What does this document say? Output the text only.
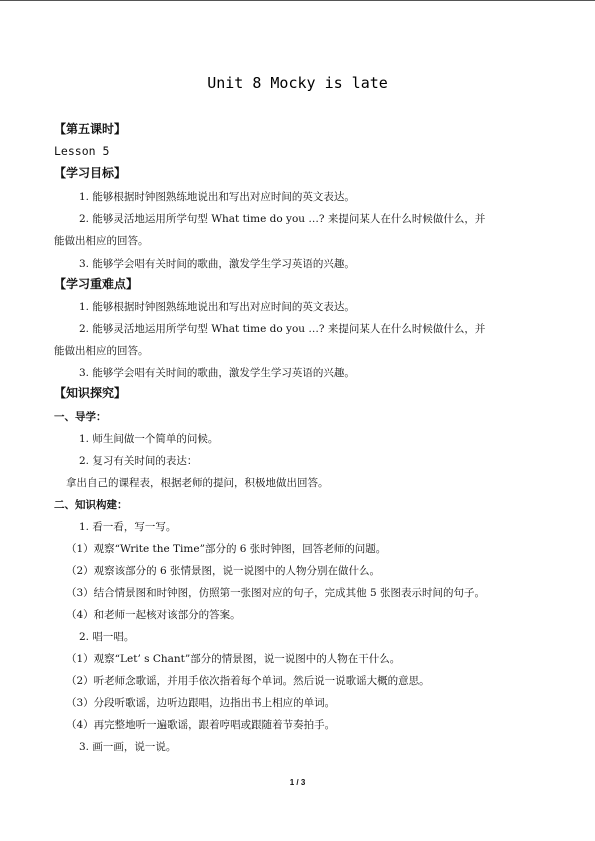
Unit 8 Mocky is late
【第五课时】
Lesson 5
【学习目标】
1. 能够根据时钟图熟练地说出和写出对应时间的英文表达。
2. 能够灵活地运用所学句型 What time do you …? 来提问某人在什么时候做什么，并
能做出相应的回答。
3. 能够学会唱有关时间的歌曲，激发学生学习英语的兴趣。
【学习重难点】
1. 能够根据时钟图熟练地说出和写出对应时间的英文表达。
2. 能够灵活地运用所学句型 What time do you …? 来提问某人在什么时候做什么，并
能做出相应的回答。
3. 能够学会唱有关时间的歌曲，激发学生学习英语的兴趣。
【知识探究】
一、导学：
1. 师生间做一个简单的问候。
2. 复习有关时间的表达：
拿出自己的课程表，根据老师的提问，积极地做出回答。
二、知识构建：
1. 看一看，写一写。
（1）观察“Write the Time”部分的 6 张时钟图，回答老师的问题。
（2）观察该部分的 6 张情景图，说一说图中的人物分别在做什么。
（3）结合情景图和时钟图，仿照第一张图对应的句子，完成其他 5 张图表示时间的句子。
（4）和老师一起核对该部分的答案。
2. 唱一唱。
（1）观察“Let’ s Chant”部分的情景图，说一说图中的人物在干什么。
（2）听老师念歌谣，并用手依次指着每个单词。然后说一说歌谣大概的意思。
（3）分段听歌谣，边听边跟唱，边指出书上相应的单词。
（4）再完整地听一遍歌谣，跟着哼唱或跟随着节奏拍手。
3. 画一画，说一说。
1 / 3
